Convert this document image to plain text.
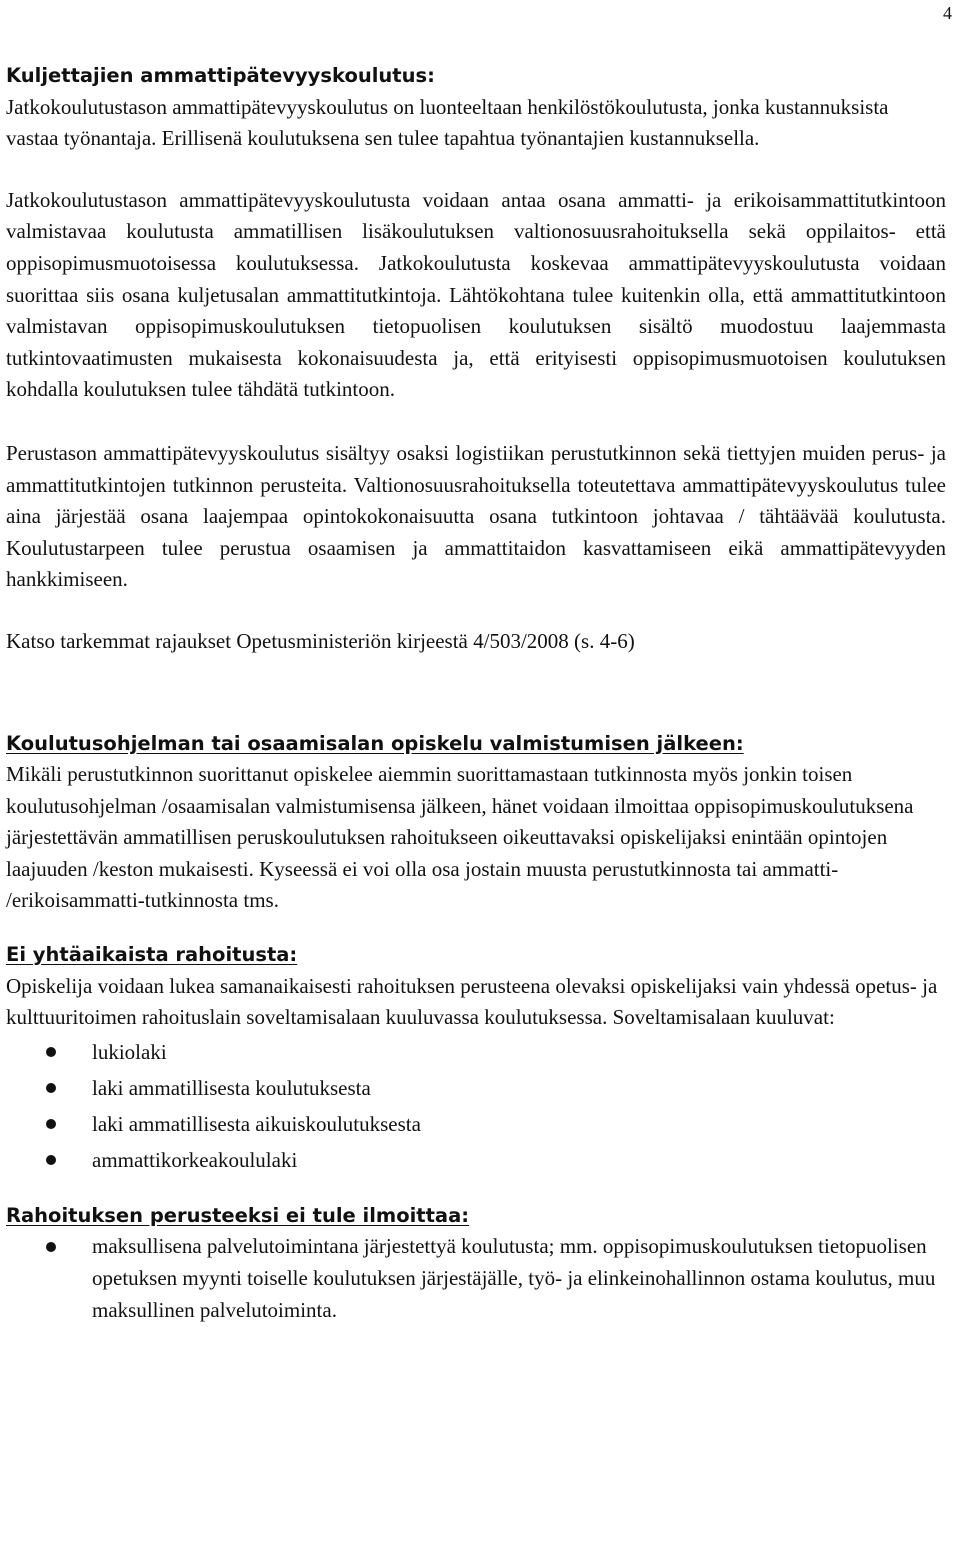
4

Kuljettajien ammattipätevyyskoulutus:

Jatkokoulutustason ammattipätevyyskoulutus on luonteeltaan henkilöstökoulutusta, jonka kustannuksista vastaa työnantaja. Erillisenä koulutuksena sen tulee tapahtua työnantajien kustannuksella.

Jatkokoulutustason ammattipätevyyskoulutusta voidaan antaa osana ammatti- ja erikoisammattitutkintoon valmistavaa koulutusta ammatillisen lisäkoulutuksen valtionosuusrahoituksella sekä oppilaitos- että oppisopimusmuotoisessa koulutuksessa. Jatkokoulutusta koskevaa ammattipätevyyskoulutusta voidaan suorittaa siis osana kuljetusalan ammattitutkintoja. Lähtökohtana tulee kuitenkin olla, että ammattitutkintoon valmistavan oppisopimuskoulutuksen tietopuolisen koulutuksen sisältö muodostuu laajemmasta tutkintovaatimusten mukaisesta kokonaisuudesta ja, että erityisesti oppisopimusmuotoisen koulutuksen kohdalla koulutuksen tulee tähdätä tutkintoon.

Perustason ammattipätevyyskoulutus sisältyy osaksi logistiikan perustutkinnon sekä tiettyjen muiden perus- ja ammattitutkintojen tutkinnon perusteita. Valtionosuusrahoituksella toteutettava ammattipätevyyskoulutus tulee aina järjestää osana laajempaa opintokokonaisuutta osana tutkintoon johtavaa / tähtäävää koulutusta. Koulutustarpeen tulee perustua osaamisen ja ammattitaidon kasvattamiseen eikä ammattipätevyyden hankkimiseen.

Katso tarkemmat rajaukset Opetusministeriön kirjeestä 4/503/2008 (s. 4-6)

Koulutusohjelman tai osaamisalan opiskelu valmistumisen jälkeen:

Mikäli perustutkinnon suorittanut opiskelee aiemmin suorittamastaan tutkinnosta myös jonkin toisen koulutusohjelman /osaamisalan valmistumisensa jälkeen, hänet voidaan ilmoittaa oppisopimuskoulutuksena järjestettävän ammatillisen peruskoulutuksen rahoitukseen oikeuttavaksi opiskelijaksi enintään opintojen laajuuden /keston mukaisesti. Kyseessä ei voi olla osa jostain muusta perustutkinnosta tai ammatti- /erikoisammatti-tutkinnosta tms.

Ei yhtäaikaista rahoitusta:

Opiskelija voidaan lukea samanaikaisesti rahoituksen perusteena olevaksi opiskelijaksi vain yhdessä opetus- ja kulttuuritoimen rahoituslain soveltamisalaan kuuluvassa koulutuksessa. Soveltamisalaan kuuluvat:

lukiolaki
laki ammatillisesta koulutuksesta
laki ammatillisesta aikuiskoulutuksesta
ammattikorkeakoululaki

Rahoituksen perusteeksi ei tule ilmoittaa:

maksullisena palvelutoimintana järjestettyä koulutusta; mm. oppisopimuskoulutuksen tietopuolisen opetuksen myynti toiselle koulutuksen järjestäjälle, työ- ja elinkeinohallinnon ostama koulutus, muu maksullinen palvelutoiminta.
